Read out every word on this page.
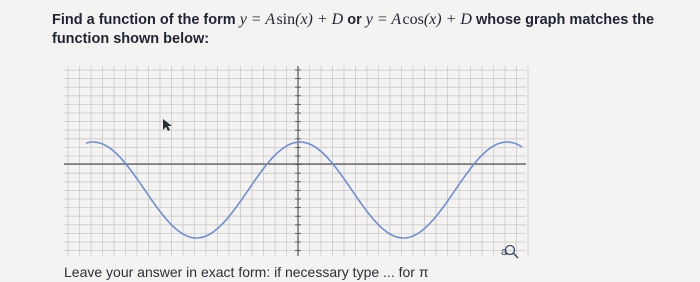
Find a function of the form y = A sin(x) + D or y = A cos(x) + D whose graph matches the function shown below:
a
Leave your answer in exact form: if necessary type ... for π
